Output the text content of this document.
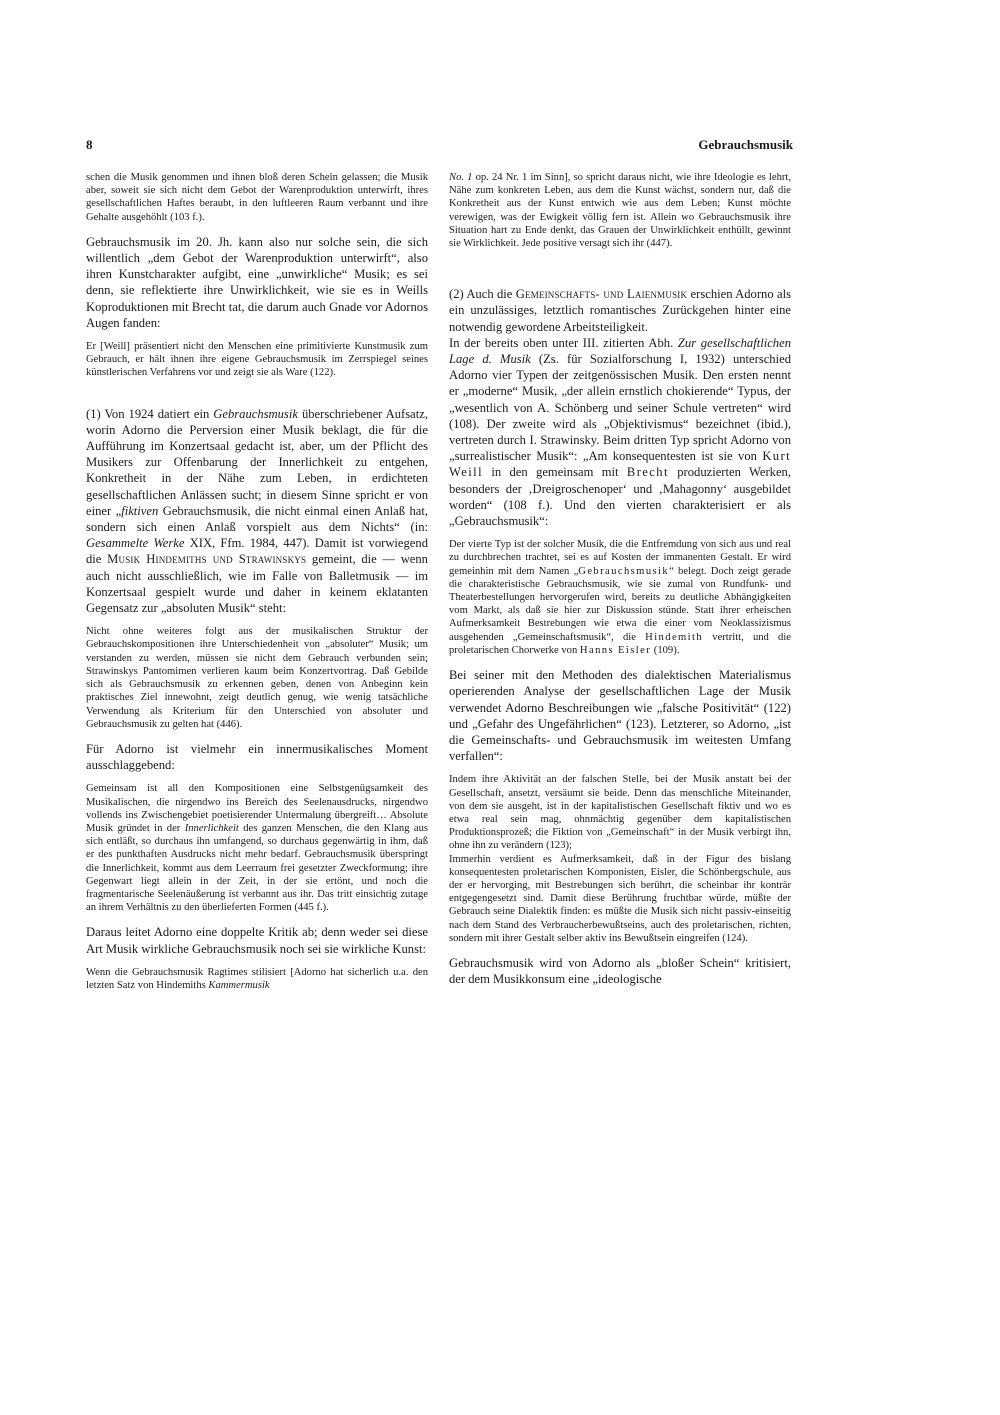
8	Gebrauchsmusik

schen die Musik genommen und ihnen bloß deren Schein gelassen; die Musik aber, soweit sie sich nicht dem Gebot der Warenproduktion unterwirft, ihres gesellschaftlichen Haftes beraubt, in den luftleeren Raum verbannt und ihre Gehalte ausgehöhlt (103 f.).

Gebrauchsmusik im 20. Jh. kann also nur solche sein, die sich willentlich „dem Gebot der Warenproduktion unterwirft“, also ihren Kunstcharakter aufgibt, eine „unwirkliche“ Musik; es sei denn, sie reflektierte ihre Unwirklichkeit, wie sie es in Weills Koproduktionen mit Brecht tat, die darum auch Gnade vor Adornos Augen fanden:

Er [Weill] präsentiert nicht den Menschen eine primitivierte Kunstmusik zum Gebrauch, er hält ihnen ihre eigene Gebrauchsmusik im Zerrspiegel seines künstlerischen Verfahrens vor und zeigt sie als Ware (122).

(1) Von 1924 datiert ein Gebrauchsmusik überschriebener Aufsatz, worin Adorno die Perversion einer Musik beklagt, die für die Aufführung im Konzertsaal gedacht ist, aber, um der Pflicht des Musikers zur Offenbarung der Innerlichkeit zu entgehen, Konkretheit in der Nähe zum Leben, in erdichteten gesellschaftlichen Anlässen sucht; in diesem Sinne spricht er von einer „fiktiven Gebrauchsmusik, die nicht einmal einen Anlaß hat, sondern sich einen Anlaß vorspielt aus dem Nichts“ (in: Gesammelte Werke XIX, Ffm. 1984, 447). Damit ist vorwiegend die Musik Hindemiths und Strawinskys gemeint, die — wenn auch nicht ausschließlich, wie im Falle von Balletmusik — im Konzertsaal gespielt wurde und daher in keinem eklatanten Gegensatz zur „absoluten Musik“ steht:

Nicht ohne weiteres folgt aus der musikalischen Struktur der Gebrauchskompositionen ihre Unterschiedenheit von „absoluter“ Musik; um verstanden zu werden, müssen sie nicht dem Gebrauch verbunden sein; Strawinskys Pantomimen verlieren kaum beim Konzertvortrag. Daß Gebilde sich als Gebrauchsmusik zu erkennen geben, denen von Anbeginn kein praktisches Ziel innewohnt, zeigt deutlich genug, wie wenig tatsächliche Verwendung als Kriterium für den Unterschied von absoluter und Gebrauchsmusik zu gelten hat (446).

Für Adorno ist vielmehr ein innermusikalisches Moment ausschlaggebend:

Gemeinsam ist all den Kompositionen eine Selbstgenügsamkeit des Musikalischen, die nirgendwo ins Bereich des Seelenausdrucks, nirgendwo vollends ins Zwischengebiet poetisierender Untermalung übergreift… Absolute Musik gründet in der Innerlichkeit des ganzen Menschen, die den Klang aus sich entläßt, so durchaus ihn umfangend, so durchaus gegenwärtig in ihm, daß er des punkthaften Ausdrucks nicht mehr bedarf. Gebrauchsmusik überspringt die Innerlichkeit, kommt aus dem Leerraum frei gesetzter Zweckformung; ihre Gegenwart liegt allein in der Zeit, in der sie ertönt, und noch die fragmentarische Seelenäußerung ist verbannt aus ihr. Das tritt einsichtig zutage an ihrem Verhältnis zu den überlieferten Formen (445 f.).

Daraus leitet Adorno eine doppelte Kritik ab; denn weder sei diese Art Musik wirkliche Gebrauchsmusik noch sei sie wirkliche Kunst:

Wenn die Gebrauchsmusik Ragtimes stilisiert [Adorno hat sicherlich u.a. den letzten Satz von Hindemiths Kammermusik

No. 1 op. 24 Nr. 1 im Sinn], so spricht daraus nicht, wie ihre Ideologie es lehrt, Nähe zum konkreten Leben, aus dem die Kunst wächst, sondern nur, daß die Konkretheit aus der Kunst entwich wie aus dem Leben; Kunst möchte verewigen, was der Ewigkeit völlig fern ist. Allein wo Gebrauchsmusik ihre Situation hart zu Ende denkt, das Grauen der Unwirklichkeit enthüllt, gewinnt sie Wirklichkeit. Jede positive versagt sich ihr (447).

(2) Auch die Gemeinschafts- und Laienmusik erschien Adorno als ein unzulässiges, letztlich romantisches Zurückgehen hinter eine notwendig gewordene Arbeitsteiligkeit.

In der bereits oben unter III. zitierten Abh. Zur gesellschaftlichen Lage d. Musik (Zs. für Sozialforschung I, 1932) unterschied Adorno vier Typen der zeitgenössischen Musik. Den ersten nennt er „moderne“ Musik, „der allein ernstlich chokierende“ Typus, der „wesentlich von A. Schönberg und seiner Schule vertreten“ wird (108). Der zweite wird als „Objektivismus“ bezeichnet (ibid.), vertreten durch I. Strawinsky. Beim dritten Typ spricht Adorno von „surrealistischer Musik“: „Am konsequentesten ist sie von Kurt Weill in den gemeinsam mit Brecht produzierten Werken, besonders der ‚Dreigroschenoper‘ und ‚Mahagonny‘ ausgebildet worden“ (108 f.). Und den vierten charakterisiert er als „Gebrauchsmusik“:

Der vierte Typ ist der solcher Musik, die die Entfremdung von sich aus und real zu durchbrechen trachtet, sei es auf Kosten der immanenten Gestalt. Er wird gemeinhin mit dem Namen „Gebrauchsmusik“ belegt. Doch zeigt gerade die charakteristische Gebrauchsmusik, wie sie zumal von Rundfunk- und Theaterbestellungen hervorgerufen wird, bereits zu deutliche Abhängigkeiten vom Markt, als daß sie hier zur Diskussion stünde. Statt ihrer erheischen Aufmerksamkeit Bestrebungen wie etwa die einer vom Neoklassizismus ausgehenden „Gemeinschaftsmusik“, die Hindemith vertritt, und die proletarischen Chorwerke von Hanns Eisler (109).

Bei seiner mit den Methoden des dialektischen Materialismus operierenden Analyse der gesellschaftlichen Lage der Musik verwendet Adorno Beschreibungen wie „falsche Positivität“ (122) und „Gefahr des Ungefährlichen“ (123). Letzterer, so Adorno, „ist die Gemeinschafts- und Gebrauchsmusik im weitesten Umfang verfallen“:

Indem ihre Aktivität an der falschen Stelle, bei der Musik anstatt bei der Gesellschaft, ansetzt, versäumt sie beide. Denn das menschliche Miteinander, von dem sie ausgeht, ist in der kapitalistischen Gesellschaft fiktiv und wo es etwa real sein mag, ohnmächtig gegenüber dem kapitalistischen Produktionsprozeß; die Fiktion von „Gemeinschaft“ in der Musik verbirgt ihn, ohne ihn zu verändern (123);

Immerhin verdient es Aufmerksamkeit, daß in der Figur des bislang konsequentesten proletarischen Komponisten, Eisler, die Schönbergschule, aus der er hervorging, mit Bestrebungen sich berührt, die scheinbar ihr konträr entgegengesetzt sind. Damit diese Berührung fruchtbar würde, müßte der Gebrauch seine Dialektik finden: es müßte die Musik sich nicht passiv-einseitig nach dem Stand des Verbraucherbewußtseins, auch des proletarischen, richten, sondern mit ihrer Gestalt selber aktiv ins Bewußtsein eingreifen (124).

Gebrauchsmusik wird von Adorno als „bloßer Schein“ kritisiert, der dem Musikkonsum eine „ideologische
